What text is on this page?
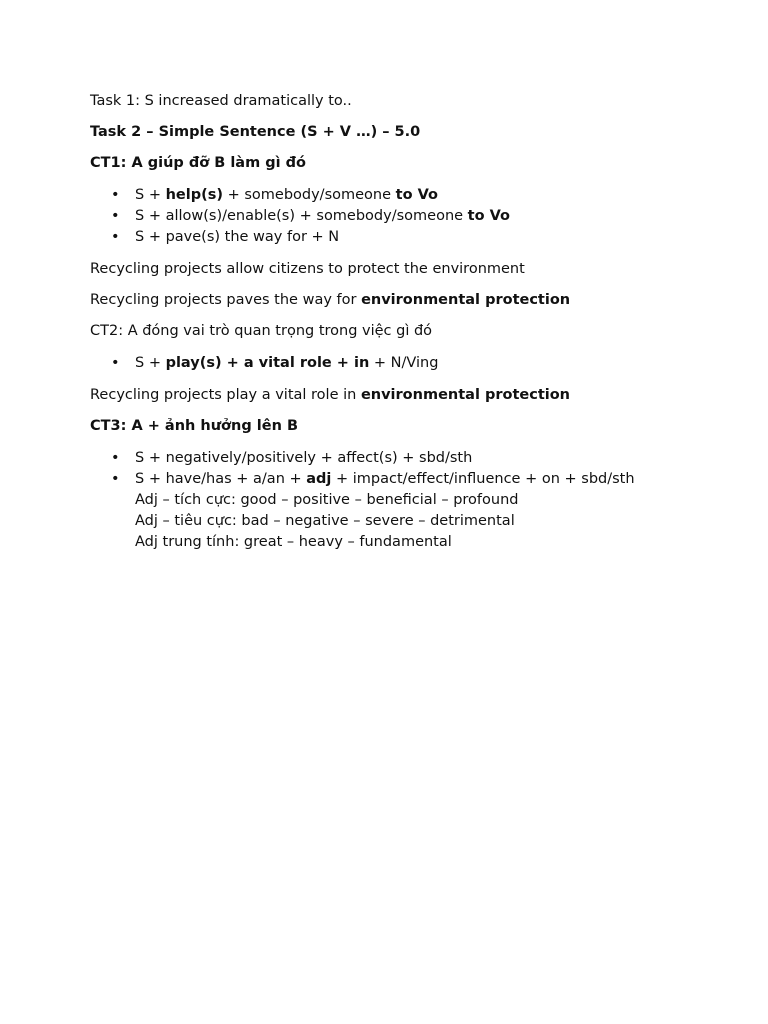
Task 1: S increased dramatically to..

Task 2 – Simple Sentence (S + V …) – 5.0

CT1: A giúp đỡ B làm gì đó

• S + help(s) + somebody/someone to Vo
• S + allow(s)/enable(s) + somebody/someone to Vo
• S + pave(s) the way for + N

Recycling projects allow citizens to protect the environment

Recycling projects paves the way for environmental protection

CT2: A đóng vai trò quan trọng trong việc gì đó

• S + play(s) + a vital role + in + N/Ving

Recycling projects play a vital role in environmental protection

CT3: A + ảnh hưởng lên B

• S + negatively/positively + affect(s) + sbd/sth
• S + have/has + a/an + adj + impact/effect/influence + on + sbd/sth

Adj – tích cực: good – positive – beneficial – profound

Adj – tiêu cực: bad – negative – severe – detrimental

Adj trung tính: great – heavy – fundamental
